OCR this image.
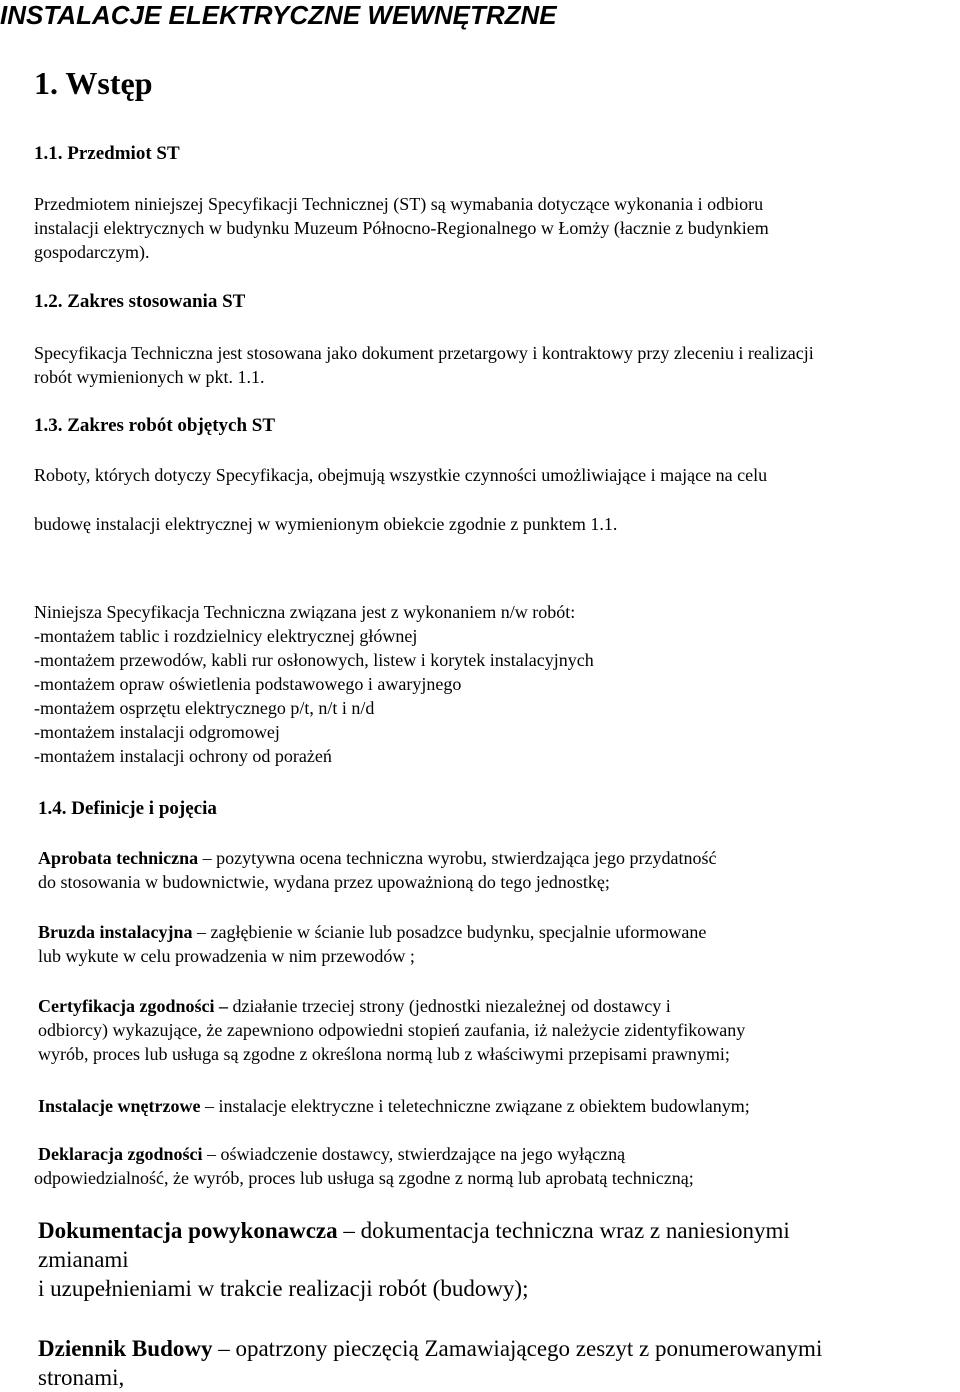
INSTALACJE ELEKTRYCZNE WEWNĘTRZNE
1. Wstęp
1.1. Przedmiot ST
Przedmiotem niniejszej Specyfikacji Technicznej (ST) są wymabania dotyczące wykonania i odbioru
instalacji elektrycznych w budynku Muzeum Północno-Regionalnego w Łomży (łacznie z budynkiem
gospodarczym).
1.2. Zakres stosowania ST
Specyfikacja Techniczna jest stosowana jako dokument przetargowy i kontraktowy przy zleceniu i realizacji
robót wymienionych w pkt. 1.1.
1.3. Zakres robót objętych ST
Roboty, których dotyczy Specyfikacja, obejmują wszystkie czynności umożliwiające i mające na celu
budowę instalacji elektrycznej w wymienionym obiekcie zgodnie z punktem 1.1.
Niniejsza Specyfikacja Techniczna związana jest z wykonaniem n/w robót:
-montażem tablic i rozdzielnicy elektrycznej głównej
-montażem przewodów, kabli rur osłonowych, listew i korytek instalacyjnych
-montażem opraw oświetlenia podstawowego i awaryjnego
-montażem osprzętu elektrycznego p/t, n/t i n/d
-montażem instalacji odgromowej
-montażem instalacji ochrony od porażeń
1.4. Definicje i pojęcia
Aprobata techniczna – pozytywna ocena techniczna wyrobu, stwierdzająca jego przydatność
do stosowania w budownictwie, wydana przez upoważnioną do tego jednostkę;
Bruzda instalacyjna – zagłębienie w ścianie lub posadzce budynku, specjalnie uformowane
lub wykute w celu prowadzenia w nim przewodów ;
Certyfikacja zgodności – działanie trzeciej strony (jednostki niezależnej od dostawcy i
odbiorcy) wykazujące, że zapewniono odpowiedni stopień zaufania, iż należycie zidentyfikowany
wyrób, proces lub usługa są zgodne z określona normą lub z właściwymi przepisami prawnymi;
Instalacje wnętrzowe – instalacje elektryczne i teletechniczne związane z obiektem budowlanym;
Deklaracja zgodności – oświadczenie dostawcy, stwierdzające na jego wyłączną
odpowiedzialność, że wyrób, proces lub usługa są zgodne z normą lub aprobatą techniczną;
Dokumentacja powykonawcza – dokumentacja techniczna wraz z naniesionymi
zmianami
i uzupełnieniami w trakcie realizacji robót (budowy);
Dziennik Budowy – opatrzony pieczęcią Zamawiającego zeszyt z ponumerowanymi
stronami,
